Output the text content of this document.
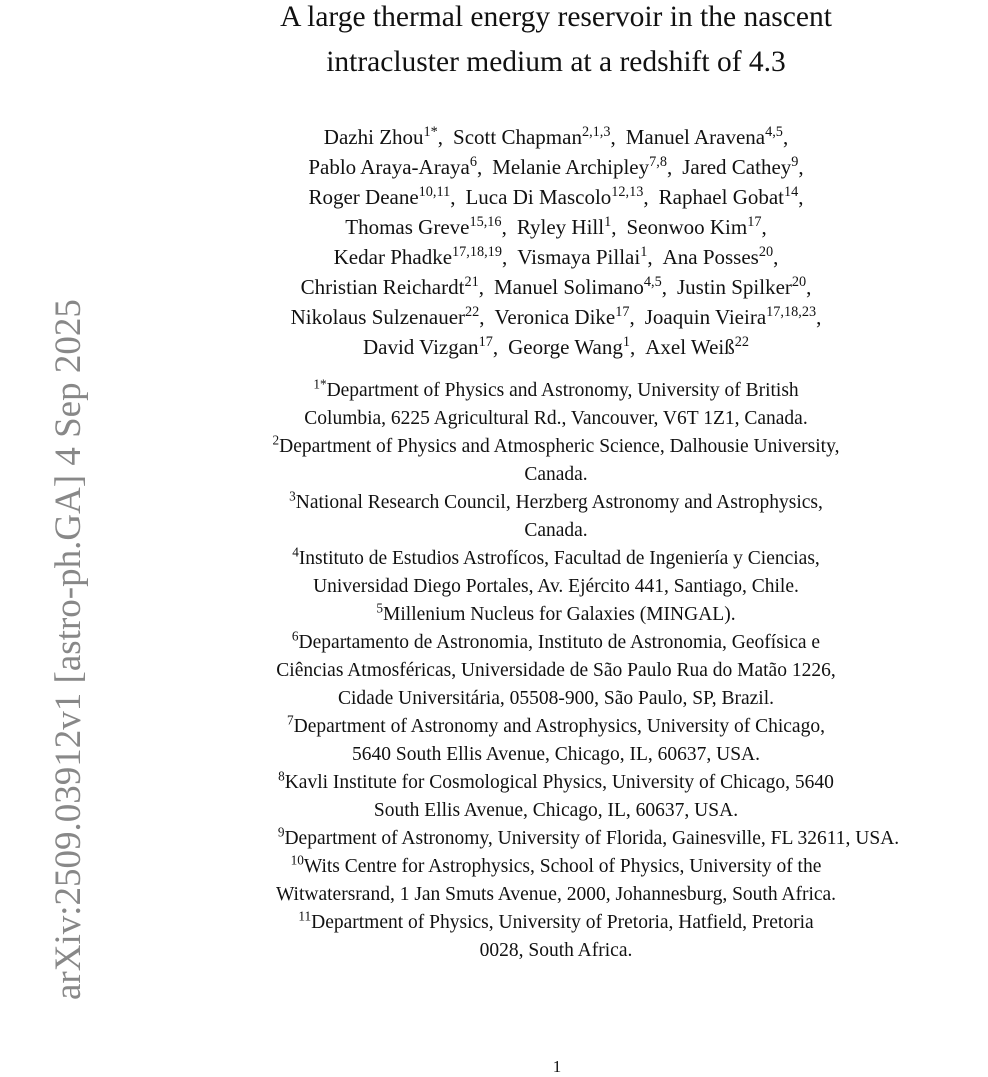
arXiv:2509.03912v1 [astro-ph.GA] 4 Sep 2025
A large thermal energy reservoir in the nascent
intracluster medium at a redshift of 4.3
Dazhi Zhou$^{1*}$, Scott Chapman$^{2,1,3}$, Manuel Aravena$^{4,5}$,
Pablo Araya-Araya$^6$, Melanie Archipley$^{7,8}$, Jared Cathey$^9$,
Roger Deane$^{10,11}$, Luca Di Mascolo$^{12,13}$, Raphael Gobat$^{14}$,
Thomas Greve$^{15,16}$, Ryley Hill$^1$, Seonwoo Kim$^{17}$,
Kedar Phadke$^{17,18,19}$, Vismaya Pillai$^1$, Ana Posses$^{20}$,
Christian Reichardt$^{21}$, Manuel Solimano$^{4,5}$, Justin Spilker$^{20}$,
Nikolaus Sulzenauer$^{22}$, Veronica Dike$^{17}$, Joaquin Vieira$^{17,18,23}$,
David Vizgan$^{17}$, George Wang$^1$, Axel Weiß$^{22}$
$^{1*}$Department of Physics and Astronomy, University of British
Columbia, 6225 Agricultural Rd., Vancouver, V6T 1Z1, Canada.
$^2$Department of Physics and Atmospheric Science, Dalhousie University,
Canada.
$^3$National Research Council, Herzberg Astronomy and Astrophysics,
Canada.
$^4$Instituto de Estudios Astrofícos, Facultad de Ingeniería y Ciencias,
Universidad Diego Portales, Av. Ejército 441, Santiago, Chile.
$^5$Millenium Nucleus for Galaxies (MINGAL).
$^6$Departamento de Astronomia, Instituto de Astronomia, Geofísica e
Ciências Atmosféricas, Universidade de São Paulo Rua do Matão 1226,
Cidade Universitária, 05508-900, São Paulo, SP, Brazil.
$^7$Department of Astronomy and Astrophysics, University of Chicago,
5640 South Ellis Avenue, Chicago, IL, 60637, USA.
$^8$Kavli Institute for Cosmological Physics, University of Chicago, 5640
South Ellis Avenue, Chicago, IL, 60637, USA.
$^9$Department of Astronomy, University of Florida, Gainesville, FL 32611, USA.
$^{10}$Wits Centre for Astrophysics, School of Physics, University of the
Witwatersrand, 1 Jan Smuts Avenue, 2000, Johannesburg, South Africa.
$^{11}$Department of Physics, University of Pretoria, Hatfield, Pretoria
0028, South Africa.
1
